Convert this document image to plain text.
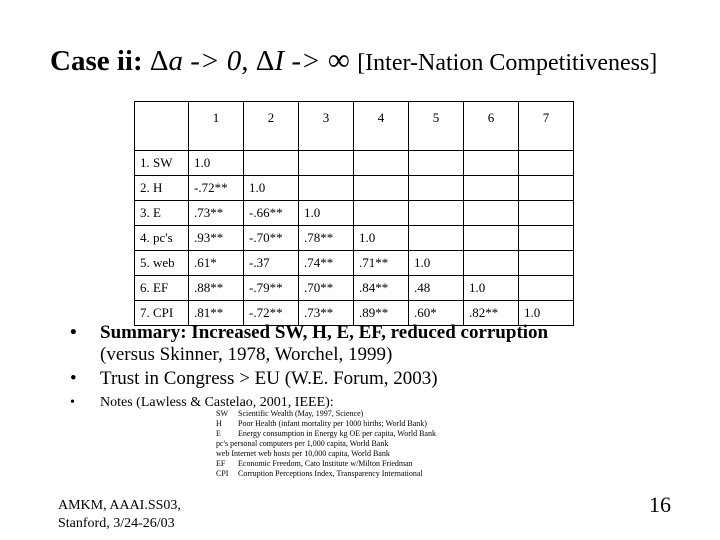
Case ii: Δa -> 0, ΔI -> ∞ [Inter-Nation Competitiveness]
	1	2	3	4	5	6	7
1. SW	1.0						
2. H	-.72**	1.0					
3. E	.73**	-.66**	1.0				
4. pc's	.93**	-.70**	.78**	1.0			
5. web	.61*	-.37	.74**	.71**	1.0		
6. EF	.88**	-.79**	.70**	.84**	.48	1.0	
7. CPI	.81**	-.72**	.73**	.89**	.60*	.82**	1.0
• Summary: Increased SW, H, E, EF, reduced corruption
(versus Skinner, 1978, Worchel, 1999)
• Trust in Congress > EU (W.E. Forum, 2003)
• Notes (Lawless & Castelao, 2001, IEEE):
SW Scientific Wealth (May, 1997, Science)
H Poor Health (infant mortality per 1000 births; World Bank)
E Energy consumption in Energy kg OE per capita, World Bank
pc's personal computers per 1,000 capita, World Bank
web Internet web hosts per 10,000 capita, World Bank
EF Economic Freedom, Cato Institute w/Milton Friedman
CPI Corruption Perceptions Index, Transparency International
AMKM, AAAI.SS03,
Stanford, 3/24-26/03
16
